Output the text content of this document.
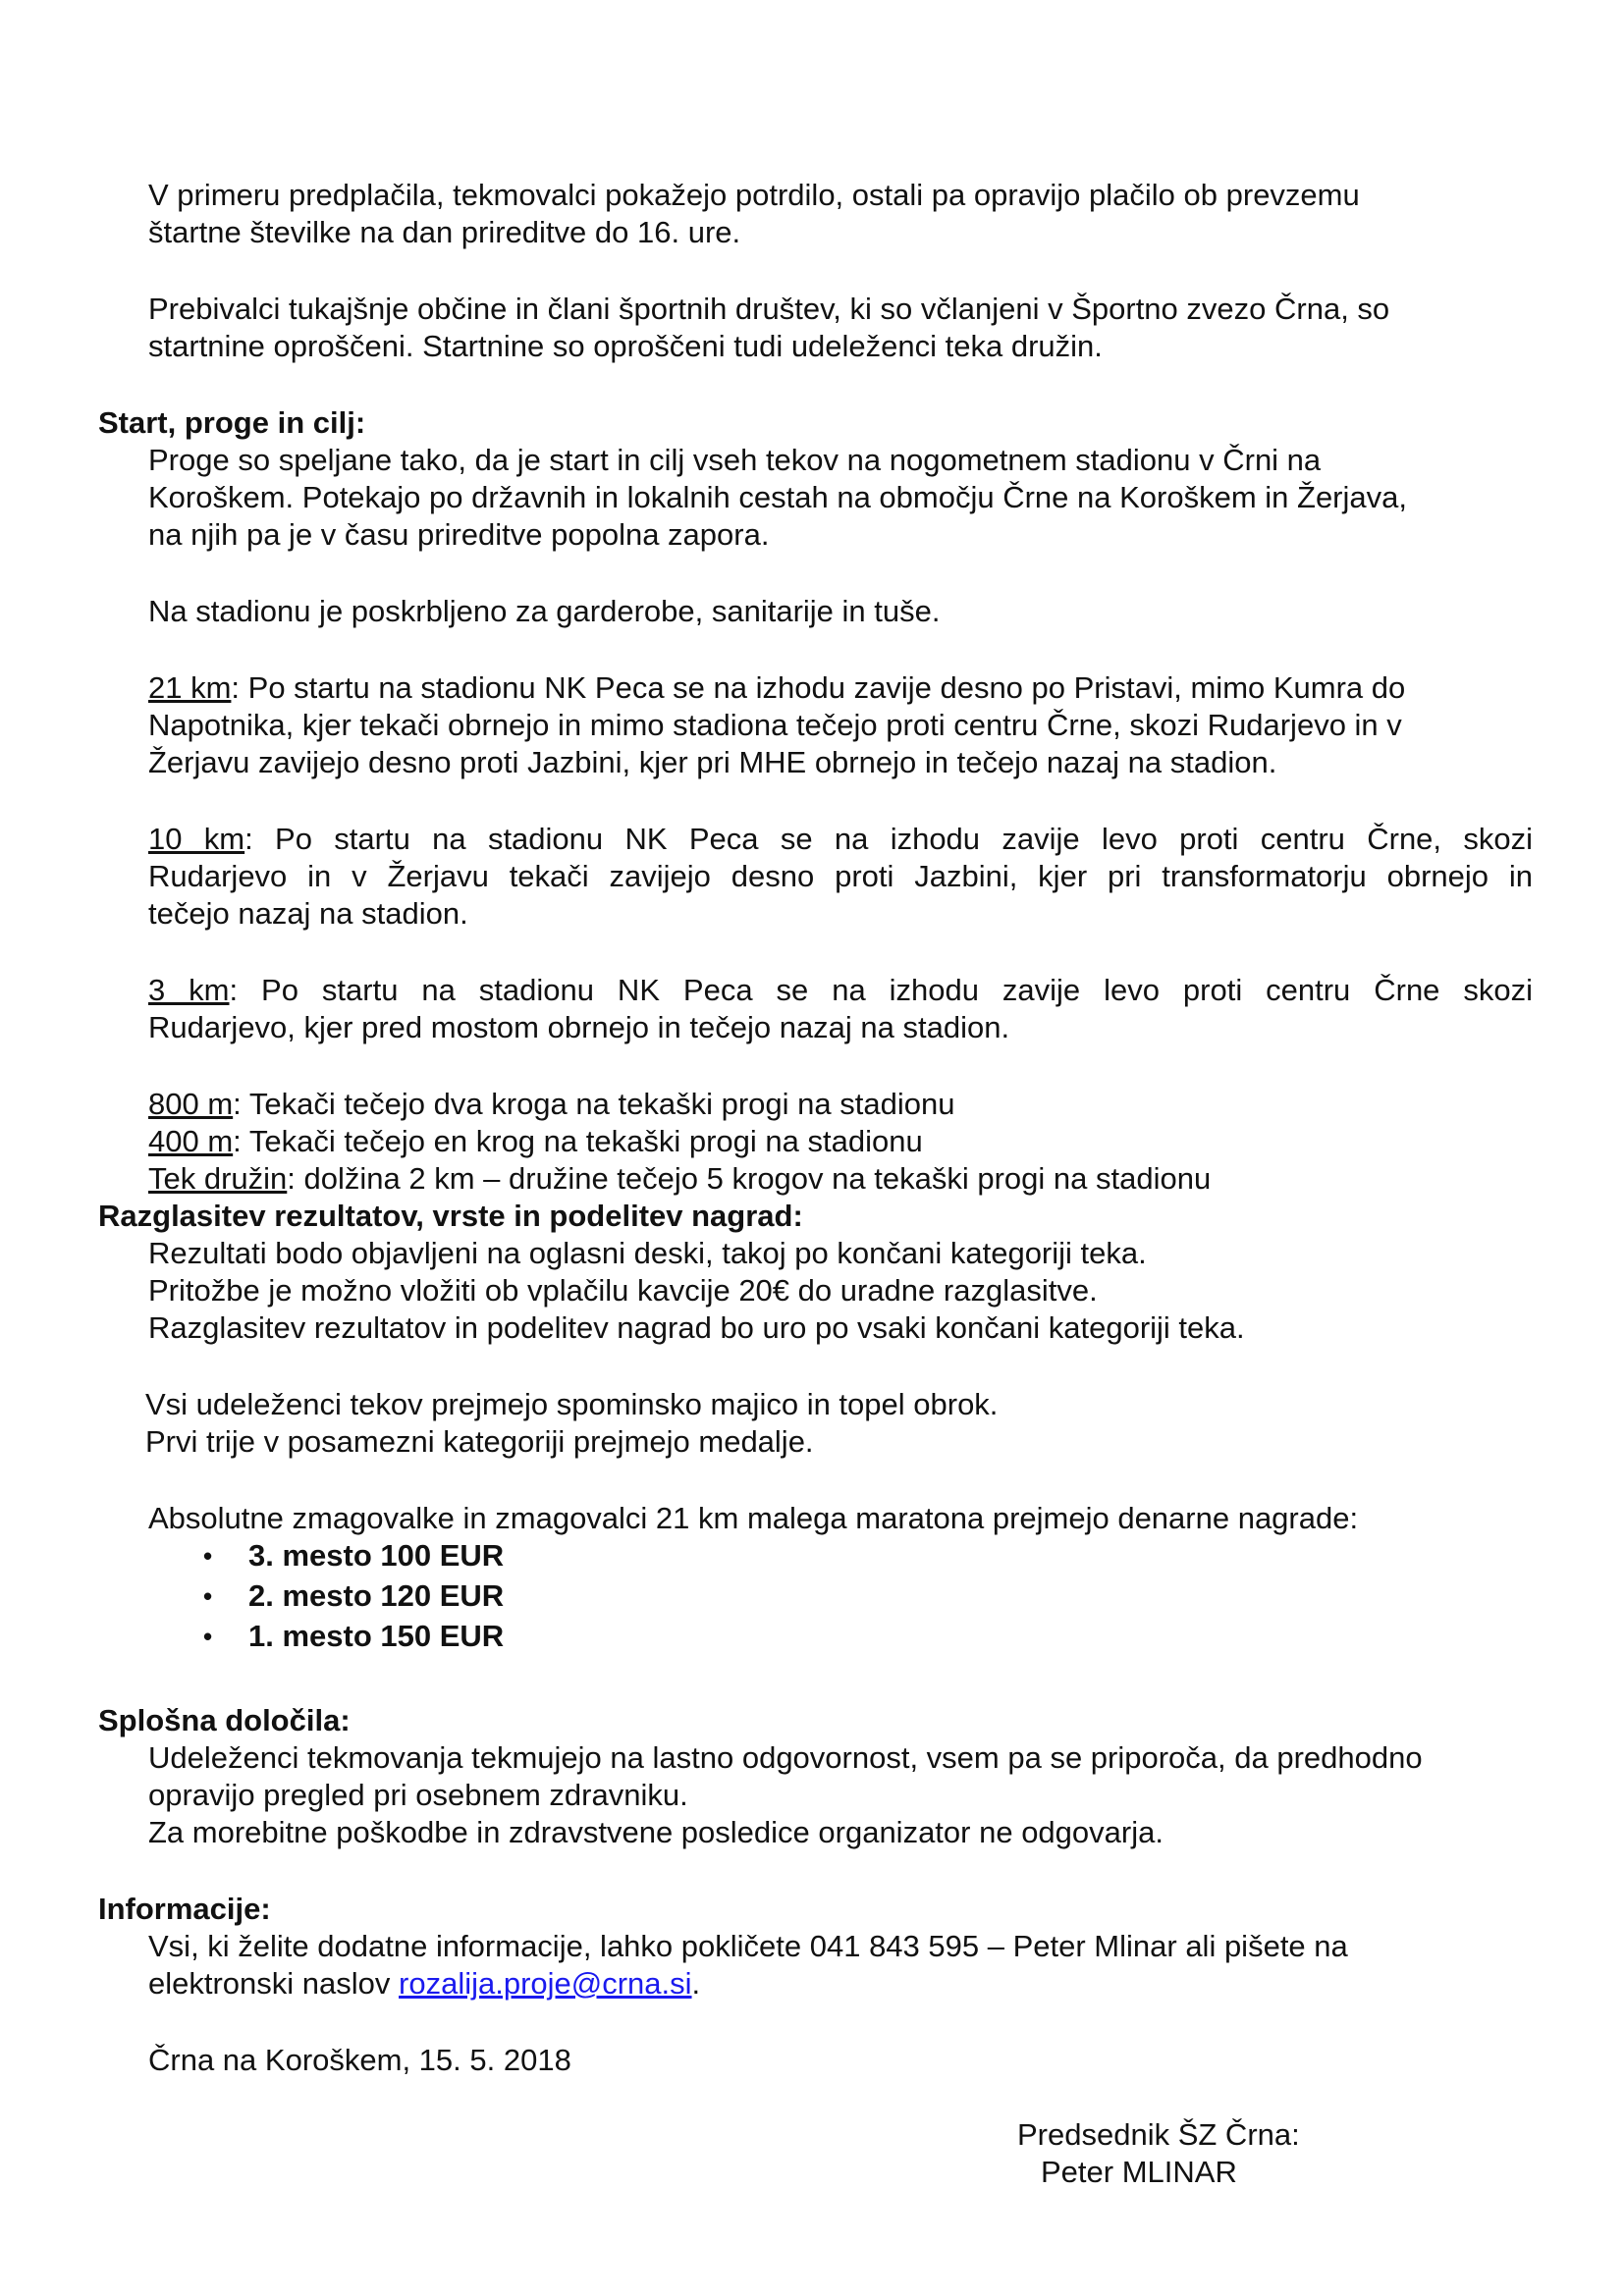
V primeru predplačila, tekmovalci pokažejo potrdilo, ostali pa opravijo plačilo ob prevzemu
štartne številke na dan prireditve do 16. ure.
Prebivalci tukajšnje občine in člani športnih društev, ki so včlanjeni v Športno zvezo Črna, so
startnine oproščeni. Startnine so oproščeni tudi udeleženci teka družin.
Start, proge in cilj:
Proge so speljane tako, da je start in cilj vseh tekov na nogometnem stadionu v Črni na
Koroškem. Potekajo po državnih in lokalnih cestah na območju Črne na Koroškem in Žerjava,
na njih pa je v času prireditve popolna zapora.
Na stadionu je poskrbljeno za garderobe, sanitarije in tuše.
21 km: Po startu na stadionu NK Peca se na izhodu zavije desno po Pristavi, mimo Kumra do
Napotnika, kjer tekači obrnejo in mimo stadiona tečejo proti centru Črne, skozi Rudarjevo in v
Žerjavu zavijejo desno proti Jazbini, kjer pri MHE obrnejo in tečejo nazaj na stadion.
10 km: Po startu na stadionu NK Peca se na izhodu zavije levo proti centru Črne, skozi
Rudarjevo in v Žerjavu tekači zavijejo desno proti Jazbini, kjer pri transformatorju obrnejo in
tečejo nazaj na stadion.
3 km: Po startu na stadionu NK Peca se na izhodu zavije levo proti centru Črne skozi
Rudarjevo, kjer pred mostom obrnejo in tečejo nazaj na stadion.
800 m: Tekači tečejo dva kroga na tekaški progi na stadionu
400 m: Tekači tečejo en krog na tekaški progi na stadionu
Tek družin: dolžina 2 km – družine tečejo 5 krogov na tekaški progi na stadionu
Razglasitev rezultatov, vrste in podelitev nagrad:
Rezultati bodo objavljeni na oglasni deski, takoj po končani kategoriji teka.
Pritožbe je možno vložiti ob vplačilu kavcije 20€ do uradne razglasitve.
Razglasitev rezultatov in podelitev nagrad bo uro po vsaki končani kategoriji teka.
Vsi udeleženci tekov prejmejo spominsko majico in topel obrok.
Prvi trije v posamezni kategoriji prejmejo medalje.
Absolutne zmagovalke in zmagovalci 21 km malega maratona prejmejo denarne nagrade:
• 3. mesto 100 EUR
• 2. mesto 120 EUR
• 1. mesto 150 EUR
Splošna določila:
Udeleženci tekmovanja tekmujejo na lastno odgovornost, vsem pa se priporoča, da predhodno
opravijo pregled pri osebnem zdravniku.
Za morebitne poškodbe in zdravstvene posledice organizator ne odgovarja.
Informacije:
Vsi, ki želite dodatne informacije, lahko pokličete 041 843 595 – Peter Mlinar ali pišete na
elektronski naslov rozalija.proje@crna.si.
Črna na Koroškem, 15. 5. 2018
Predsednik ŠZ Črna:
Peter MLINAR
